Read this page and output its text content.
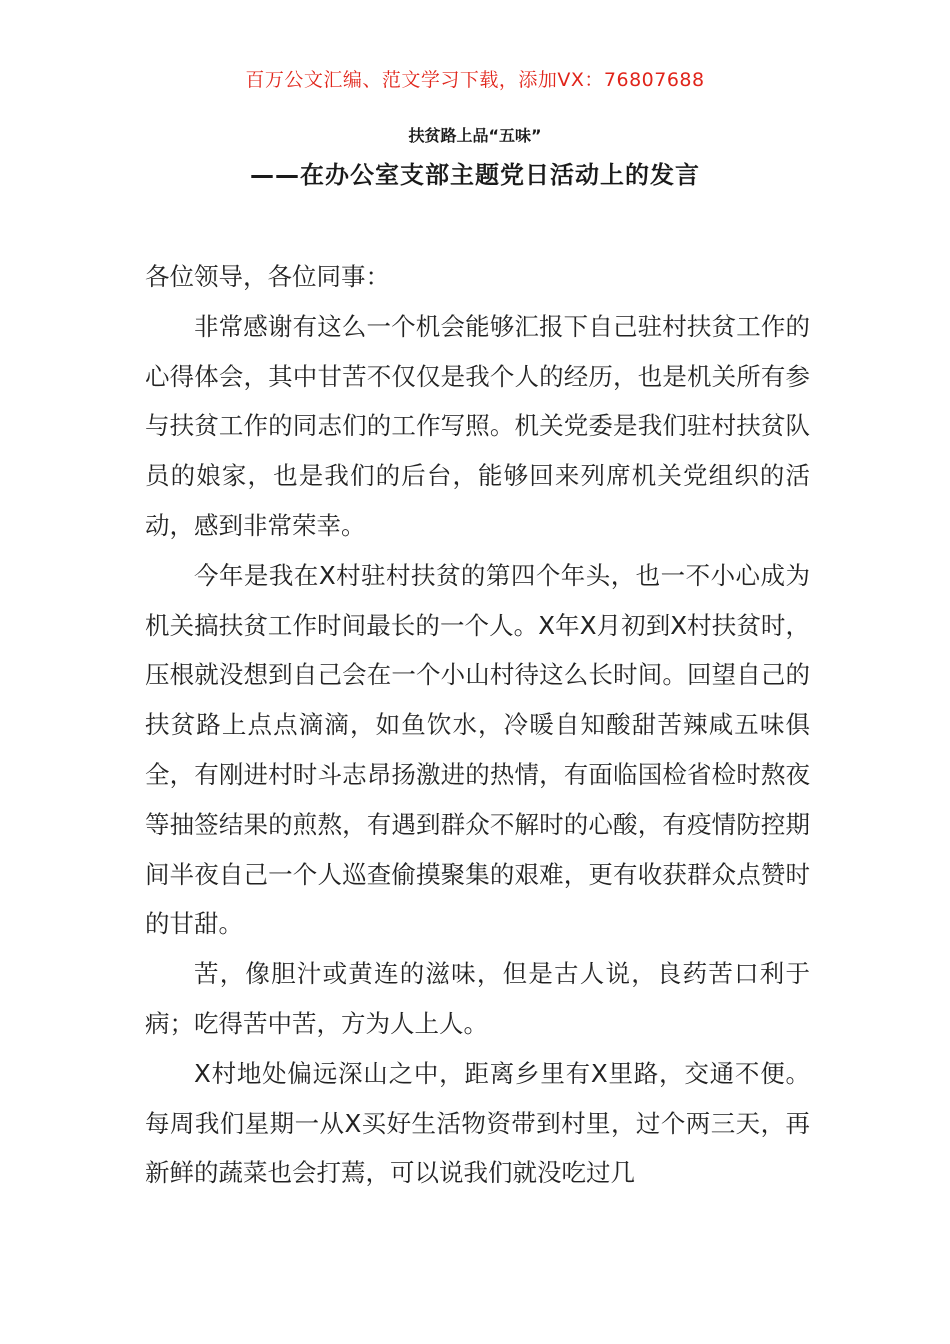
百万公文汇编、范文学习下载，添加VX：76807688
扶贫路上品“五味”
——在办公室支部主题党日活动上的发言

各位领导，各位同事：

非常感谢有这么一个机会能够汇报下自己驻村扶贫工作的心得体会，其中甘苦不仅仅是我个人的经历，也是机关所有参与扶贫工作的同志们的工作写照。机关党委是我们驻村扶贫队员的娘家，也是我们的后台，能够回来列席机关党组织的活动，感到非常荣幸。

今年是我在X村驻村扶贫的第四个年头，也一不小心成为机关搞扶贫工作时间最长的一个人。X年X月初到X村扶贫时，压根就没想到自己会在一个小山村待这么长时间。回望自己的扶贫路上点点滴滴，如鱼饮水，冷暖自知酸甜苦辣咸五味俱全，有刚进村时斗志昂扬激进的热情，有面临国检省检时熬夜等抽签结果的煎熬，有遇到群众不解时的心酸，有疫情防控期间半夜自己一个人巡查偷摸聚集的艰难，更有收获群众点赞时的甘甜。

苦，像胆汁或黄连的滋味，但是古人说，良药苦口利于病；吃得苦中苦，方为人上人。

X村地处偏远深山之中，距离乡里有X里路，交通不便。每周我们星期一从X买好生活物资带到村里，过个两三天，再新鲜的蔬菜也会打蔫，可以说我们就没吃过几
